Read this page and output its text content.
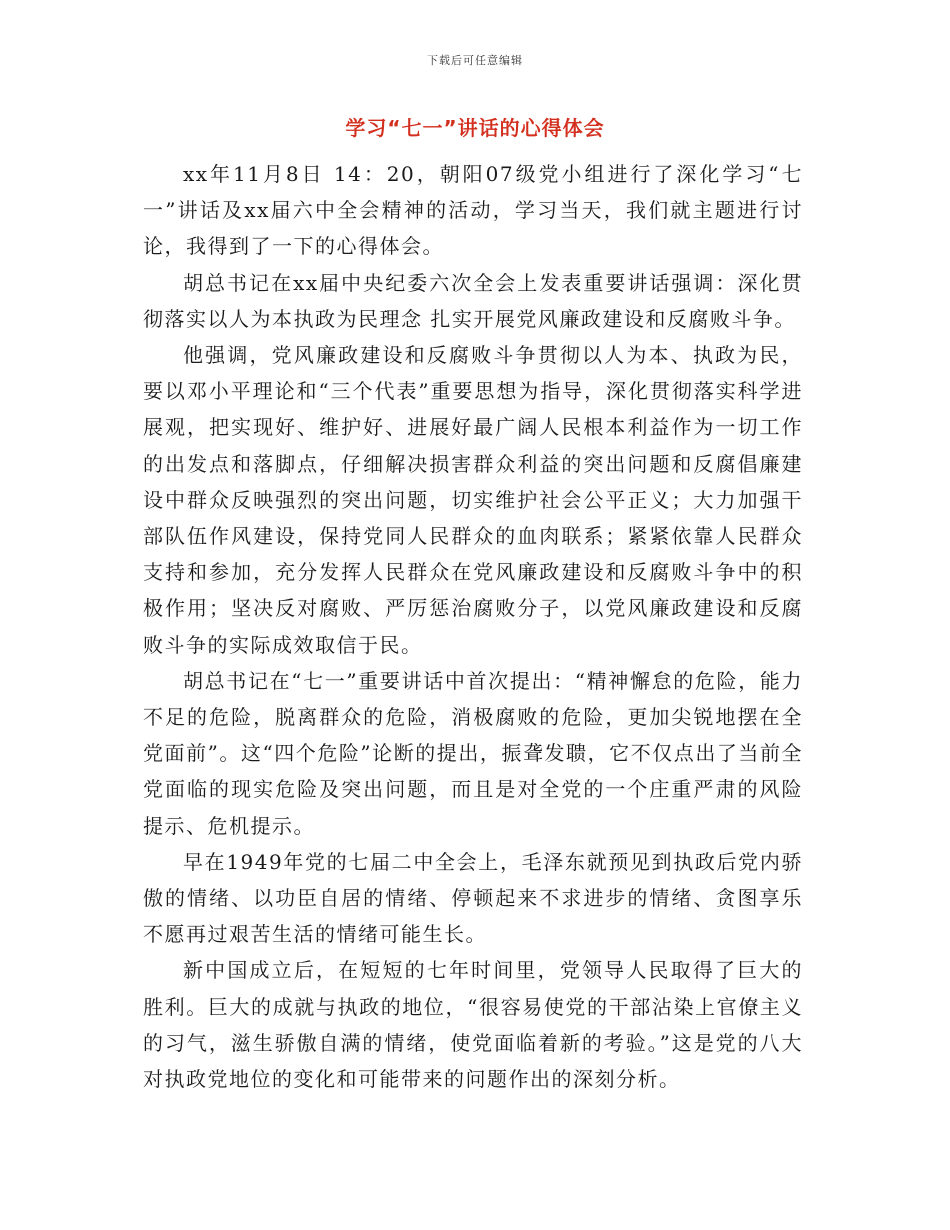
下载后可任意编辑
学习“七一”讲话的心得体会

xx年11月8日 14：20，朝阳07级党小组进行了深化学习“七一”讲话及xx届六中全会精神的活动，学习当天，我们就主题进行讨论，我得到了一下的心得体会。

胡总书记在xx届中央纪委六次全会上发表重要讲话强调：深化贯彻落实以人为本执政为民理念 扎实开展党风廉政建设和反腐败斗争。

他强调，党风廉政建设和反腐败斗争贯彻以人为本、执政为民，要以邓小平理论和“三个代表”重要思想为指导，深化贯彻落实科学进展观，把实现好、维护好、进展好最广阔人民根本利益作为一切工作的出发点和落脚点，仔细解决损害群众利益的突出问题和反腐倡廉建设中群众反映强烈的突出问题，切实维护社会公平正义；大力加强干部队伍作风建设，保持党同人民群众的血肉联系；紧紧依靠人民群众支持和参加，充分发挥人民群众在党风廉政建设和反腐败斗争中的积极作用；坚决反对腐败、严厉惩治腐败分子，以党风廉政建设和反腐败斗争的实际成效取信于民。

胡总书记在“七一”重要讲话中首次提出：“精神懈怠的危险，能力不足的危险，脱离群众的危险，消极腐败的危险，更加尖锐地摆在全党面前”。这“四个危险”论断的提出，振聋发聩，它不仅点出了当前全党面临的现实危险及突出问题，而且是对全党的一个庄重严肃的风险提示、危机提示。

早在1949年党的七届二中全会上，毛泽东就预见到执政后党内骄傲的情绪、以功臣自居的情绪、停顿起来不求进步的情绪、贪图享乐不愿再过艰苦生活的情绪可能生长。

新中国成立后，在短短的七年时间里，党领导人民取得了巨大的胜利。巨大的成就与执政的地位，“很容易使党的干部沾染上官僚主义的习气，滋生骄傲自满的情绪，使党面临着新的考验。”这是党的八大对执政党地位的变化和可能带来的问题作出的深刻分析。
